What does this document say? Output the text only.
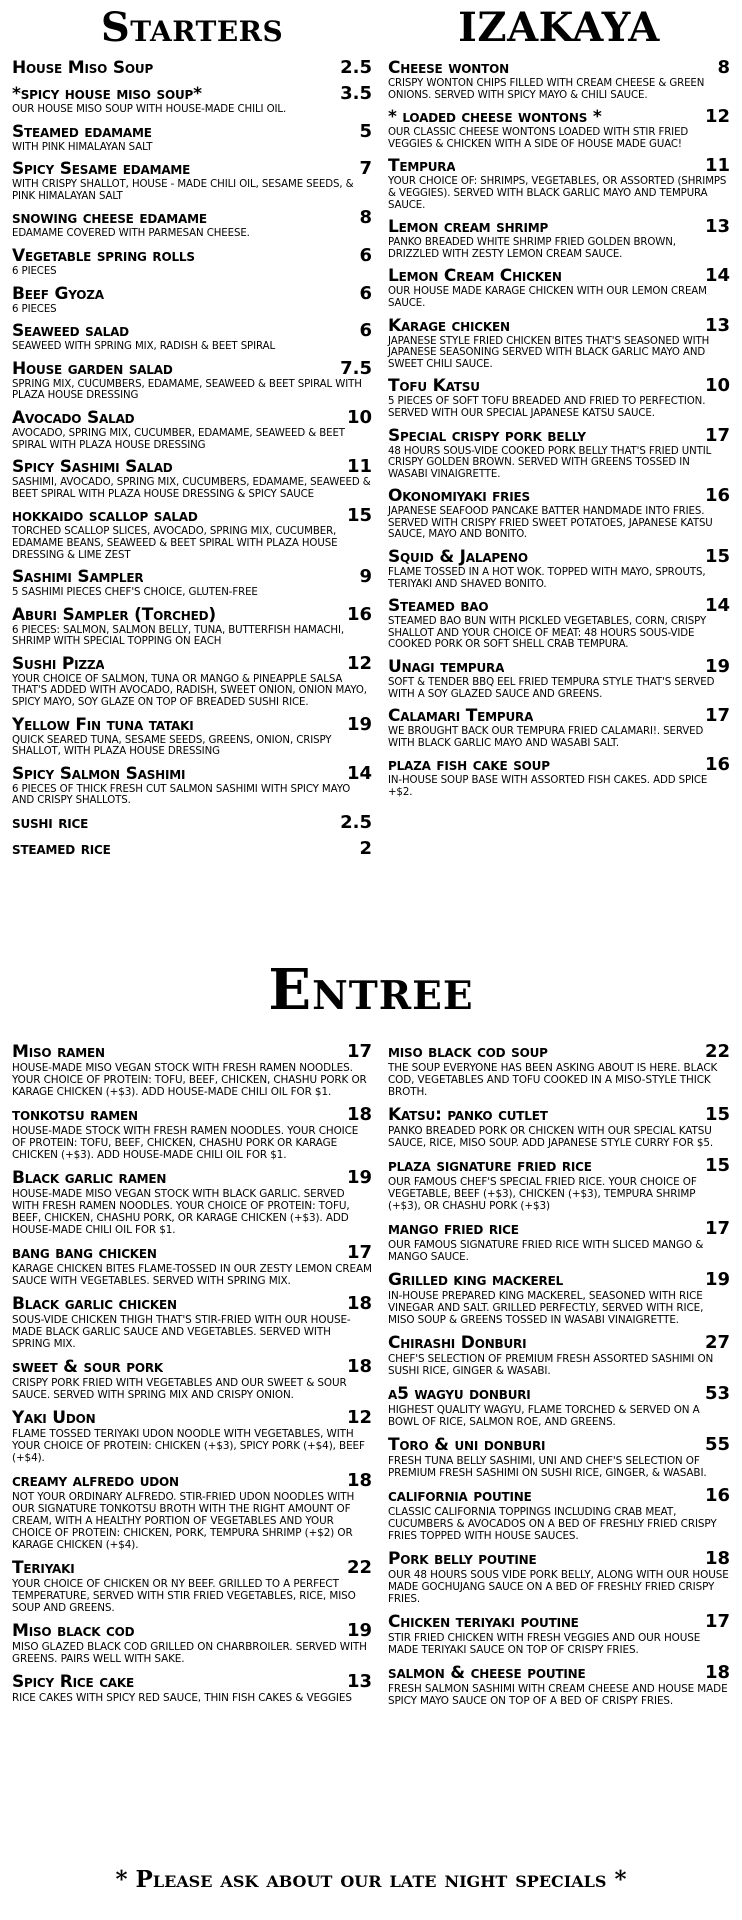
Starters
House Miso Soup	2.5
*spicy house miso soup*	3.5
OUR HOUSE MISO SOUP WITH HOUSE-MADE CHILI OIL.
Steamed edamame	5
WITH PINK HIMALAYAN SALT
Spicy Sesame edamame	7
WITH CRISPY SHALLOT, HOUSE - MADE CHILI OIL, SESAME SEEDS, & PINK HIMALAYAN SALT
snowing cheese edamame	8
EDAMAME COVERED WITH PARMESAN CHEESE.
Vegetable spring rolls	6
6 PIECES
Beef Gyoza	6
6 PIECES
Seaweed salad	6
SEAWEED WITH SPRING MIX, RADISH & BEET SPIRAL
House garden salad	7.5
SPRING MIX, CUCUMBERS, EDAMAME, SEAWEED & BEET SPIRAL WITH PLAZA HOUSE DRESSING
Avocado Salad	10
AVOCADO, SPRING MIX, CUCUMBER, EDAMAME, SEAWEED & BEET SPIRAL WITH PLAZA HOUSE DRESSING
Spicy Sashimi Salad	11
SASHIMI, AVOCADO, SPRING MIX, CUCUMBERS, EDAMAME, SEAWEED & BEET SPIRAL WITH PLAZA HOUSE DRESSING & SPICY SAUCE
hokkaido scallop salad	15
TORCHED SCALLOP SLICES, AVOCADO, SPRING MIX, CUCUMBER, EDAMAME BEANS, SEAWEED & BEET SPIRAL WITH PLAZA HOUSE DRESSING & LIME ZEST
Sashimi Sampler	9
5 SASHIMI PIECES CHEF'S CHOICE, GLUTEN-FREE
Aburi Sampler (Torched)	16
6 PIECES: SALMON, SALMON BELLY, TUNA, BUTTERFISH HAMACHI, SHRIMP WITH SPECIAL TOPPING ON EACH
Sushi Pizza	12
YOUR CHOICE OF SALMON, TUNA OR MANGO & PINEAPPLE SALSA THAT'S ADDED WITH AVOCADO, RADISH, SWEET ONION, ONION MAYO, SPICY MAYO, SOY GLAZE ON TOP OF BREADED SUSHI RICE.
Yellow Fin tuna tataki	19
QUICK SEARED TUNA, SESAME SEEDS, GREENS, ONION, CRISPY SHALLOT, WITH PLAZA HOUSE DRESSING
Spicy Salmon Sashimi	14
6 PIECES OF THICK FRESH CUT SALMON SASHIMI WITH SPICY MAYO AND CRISPY SHALLOTS.
sushi rice	2.5
steamed rice	2
IZAKAYA
Cheese wonton	8
CRISPY WONTON CHIPS FILLED WITH CREAM CHEESE & GREEN ONIONS. SERVED WITH SPICY MAYO & CHILI SAUCE.
* loaded cheese wontons *	12
OUR CLASSIC CHEESE WONTONS LOADED WITH STIR FRIED VEGGIES & CHICKEN WITH A SIDE OF HOUSE MADE GUAC!
Tempura	11
YOUR CHOICE OF: SHRIMPS, VEGETABLES, OR ASSORTED (SHRIMPS & VEGGIES). SERVED WITH BLACK GARLIC MAYO AND TEMPURA SAUCE.
Lemon cream shrimp	13
PANKO BREADED WHITE SHRIMP FRIED GOLDEN BROWN, DRIZZLED WITH ZESTY LEMON CREAM SAUCE.
Lemon Cream Chicken	14
OUR HOUSE MADE KARAGE CHICKEN WITH OUR LEMON CREAM SAUCE.
Karage chicken	13
JAPANESE STYLE FRIED CHICKEN BITES THAT'S SEASONED WITH JAPANESE SEASONING SERVED WITH BLACK GARLIC MAYO AND SWEET CHILI SAUCE.
Tofu Katsu	10
5 PIECES OF SOFT TOFU BREADED AND FRIED TO PERFECTION. SERVED WITH OUR SPECIAL JAPANESE KATSU SAUCE.
Special crispy pork belly	17
48 HOURS SOUS-VIDE COOKED PORK BELLY THAT'S FRIED UNTIL CRISPY GOLDEN BROWN. SERVED WITH GREENS TOSSED IN WASABI VINAIGRETTE.
Okonomiyaki fries	16
JAPANESE SEAFOOD PANCAKE BATTER HANDMADE INTO FRIES. SERVED WITH CRISPY FRIED SWEET POTATOES, JAPANESE KATSU SAUCE, MAYO AND BONITO.
Squid & Jalapeno	15
FLAME TOSSED IN A HOT WOK. TOPPED WITH MAYO, SPROUTS, TERIYAKI AND SHAVED BONITO.
Steamed bao	14
STEAMED BAO BUN WITH PICKLED VEGETABLES, CORN, CRISPY SHALLOT AND YOUR CHOICE OF MEAT: 48 HOURS SOUS-VIDE COOKED PORK OR SOFT SHELL CRAB TEMPURA.
Unagi tempura	19
SOFT & TENDER BBQ EEL FRIED TEMPURA STYLE THAT'S SERVED WITH A SOY GLAZED SAUCE AND GREENS.
Calamari Tempura	17
WE BROUGHT BACK OUR TEMPURA FRIED CALAMARI!. SERVED WITH BLACK GARLIC MAYO AND WASABI SALT.
plaza fish cake soup	16
IN-HOUSE SOUP BASE WITH ASSORTED FISH CAKES. ADD SPICE +$2.
Entree
Miso ramen	17
HOUSE-MADE MISO VEGAN STOCK WITH FRESH RAMEN NOODLES. YOUR CHOICE OF PROTEIN: TOFU, BEEF, CHICKEN, CHASHU PORK OR KARAGE CHICKEN (+$3). ADD HOUSE-MADE CHILI OIL FOR $1.
tonkotsu ramen	18
HOUSE-MADE STOCK WITH FRESH RAMEN NOODLES. YOUR CHOICE OF PROTEIN: TOFU, BEEF, CHICKEN, CHASHU PORK OR KARAGE CHICKEN (+$3). ADD HOUSE-MADE CHILI OIL FOR $1.
Black garlic ramen	19
HOUSE-MADE MISO VEGAN STOCK WITH BLACK GARLIC. SERVED WITH FRESH RAMEN NOODLES. YOUR CHOICE OF PROTEIN: TOFU, BEEF, CHICKEN, CHASHU PORK, OR KARAGE CHICKEN (+$3). ADD HOUSE-MADE CHILI OIL FOR $1.
bang bang chicken	17
KARAGE CHICKEN BITES FLAME-TOSSED IN OUR ZESTY LEMON CREAM SAUCE WITH VEGETABLES. SERVED WITH SPRING MIX.
Black garlic chicken	18
SOUS-VIDE CHICKEN THIGH THAT'S STIR-FRIED WITH OUR HOUSE-MADE BLACK GARLIC SAUCE AND VEGETABLES. SERVED WITH SPRING MIX.
sweet & sour pork	18
CRISPY PORK FRIED WITH VEGETABLES AND OUR SWEET & SOUR SAUCE. SERVED WITH SPRING MIX AND CRISPY ONION.
Yaki Udon	12
FLAME TOSSED TERIYAKI UDON NOODLE WITH VEGETABLES, WITH YOUR CHOICE OF PROTEIN: CHICKEN (+$3), SPICY PORK (+$4), BEEF (+$4).
creamy alfredo udon	18
NOT YOUR ORDINARY ALFREDO. STIR-FRIED UDON NOODLES WITH OUR SIGNATURE TONKOTSU BROTH WITH THE RIGHT AMOUNT OF CREAM, WITH A HEALTHY PORTION OF VEGETABLES AND YOUR CHOICE OF PROTEIN: CHICKEN, PORK, TEMPURA SHRIMP (+$2) OR KARAGE CHICKEN (+$4).
Teriyaki	22
YOUR CHOICE OF CHICKEN OR NY BEEF. GRILLED TO A PERFECT TEMPERATURE, SERVED WITH STIR FRIED VEGETABLES, RICE, MISO SOUP AND GREENS.
Miso black cod	19
MISO GLAZED BLACK COD GRILLED ON CHARBROILER. SERVED WITH GREENS. PAIRS WELL WITH SAKE.
Spicy Rice cake	13
RICE CAKES WITH SPICY RED SAUCE, THIN FISH CAKES & VEGGIES
miso black cod soup	22
THE SOUP EVERYONE HAS BEEN ASKING ABOUT IS HERE. BLACK COD, VEGETABLES AND TOFU COOKED IN A MISO-STYLE THICK BROTH.
Katsu: panko cutlet	15
PANKO BREADED PORK OR CHICKEN WITH OUR SPECIAL KATSU SAUCE, RICE, MISO SOUP. ADD JAPANESE STYLE CURRY FOR $5.
plaza signature fried rice	15
OUR FAMOUS CHEF'S SPECIAL FRIED RICE. YOUR CHOICE OF VEGETABLE, BEEF (+$3), CHICKEN (+$3), TEMPURA SHRIMP (+$3), OR CHASHU PORK (+$3)
mango fried rice	17
OUR FAMOUS SIGNATURE FRIED RICE WITH SLICED MANGO & MANGO SAUCE.
Grilled king mackerel	19
IN-HOUSE PREPARED KING MACKEREL, SEASONED WITH RICE VINEGAR AND SALT. GRILLED PERFECTLY, SERVED WITH RICE, MISO SOUP & GREENS TOSSED IN WASABI VINAIGRETTE.
Chirashi Donburi	27
CHEF'S SELECTION OF PREMIUM FRESH ASSORTED SASHIMI ON SUSHI RICE, GINGER & WASABI.
a5 wagyu donburi	53
HIGHEST QUALITY WAGYU, FLAME TORCHED & SERVED ON A BOWL OF RICE, SALMON ROE, AND GREENS.
Toro & uni donburi	55
FRESH TUNA BELLY SASHIMI, UNI AND CHEF'S SELECTION OF PREMIUM FRESH SASHIMI ON SUSHI RICE, GINGER, & WASABI.
california poutine	16
CLASSIC CALIFORNIA TOPPINGS INCLUDING CRAB MEAT, CUCUMBERS & AVOCADOS ON A BED OF FRESHLY FRIED CRISPY FRIES TOPPED WITH HOUSE SAUCES.
Pork belly poutine	18
OUR 48 HOURS SOUS VIDE PORK BELLY, ALONG WITH OUR HOUSE MADE GOCHUJANG SAUCE ON A BED OF FRESHLY FRIED CRISPY FRIES.
Chicken teriyaki poutine	17
STIR FRIED CHICKEN WITH FRESH VEGGIES AND OUR HOUSE MADE TERIYAKI SAUCE ON TOP OF CRISPY FRIES.
salmon & cheese poutine	18
FRESH SALMON SASHIMI WITH CREAM CHEESE AND HOUSE MADE SPICY MAYO SAUCE ON TOP OF A BED OF CRISPY FRIES.
* Please ask about our late night specials *
